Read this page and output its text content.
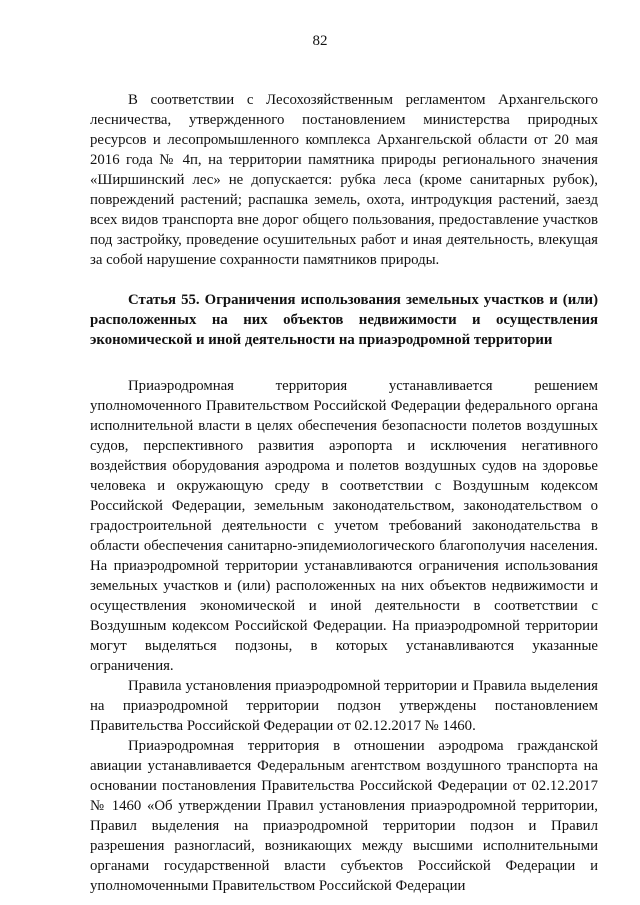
82

В соответствии с Лесохозяйственным регламентом Архангельского лесничества, утвержденного постановлением министерства природных ресурсов и лесопромышленного комплекса Архангельской области от 20 мая 2016 года № 4п, на территории памятника природы регионального значения «Ширшинский лес» не допускается: рубка леса (кроме санитарных рубок), повреждений растений; распашка земель, охота, интродукция растений, заезд всех видов транспорта вне дорог общего пользования, предоставление участков под застройку, проведение осушительных работ и иная деятельность, влекущая за собой нарушение сохранности памятников природы.

Статья 55. Ограничения использования земельных участков и (или) расположенных на них объектов недвижимости и осуществления экономической и иной деятельности на приаэродромной территории

Приаэродромная территория устанавливается решением уполномоченного Правительством Российской Федерации федерального органа исполнительной власти в целях обеспечения безопасности полетов воздушных судов, перспективного развития аэропорта и исключения негативного воздействия оборудования аэродрома и полетов воздушных судов на здоровье человека и окружающую среду в соответствии с Воздушным кодексом Российской Федерации, земельным законодательством, законодательством о градостроительной деятельности с учетом требований законодательства в области обеспечения санитарно-эпидемиологического благополучия населения. На приаэродромной территории устанавливаются ограничения использования земельных участков и (или) расположенных на них объектов недвижимости и осуществления экономической и иной деятельности в соответствии с Воздушным кодексом Российской Федерации. На приаэродромной территории могут выделяться подзоны, в которых устанавливаются указанные ограничения.

Правила установления приаэродромной территории и Правила выделения на приаэродромной территории подзон утверждены постановлением Правительства Российской Федерации от 02.12.2017 № 1460.

Приаэродромная территория в отношении аэродрома гражданской авиации устанавливается Федеральным агентством воздушного транспорта на основании постановления Правительства Российской Федерации от 02.12.2017 № 1460 «Об утверждении Правил установления приаэродромной территории, Правил выделения на приаэродромной территории подзон и Правил разрешения разногласий, возникающих между высшими исполнительными органами государственной власти субъектов Российской Федерации и уполномоченными Правительством Российской Федерации
